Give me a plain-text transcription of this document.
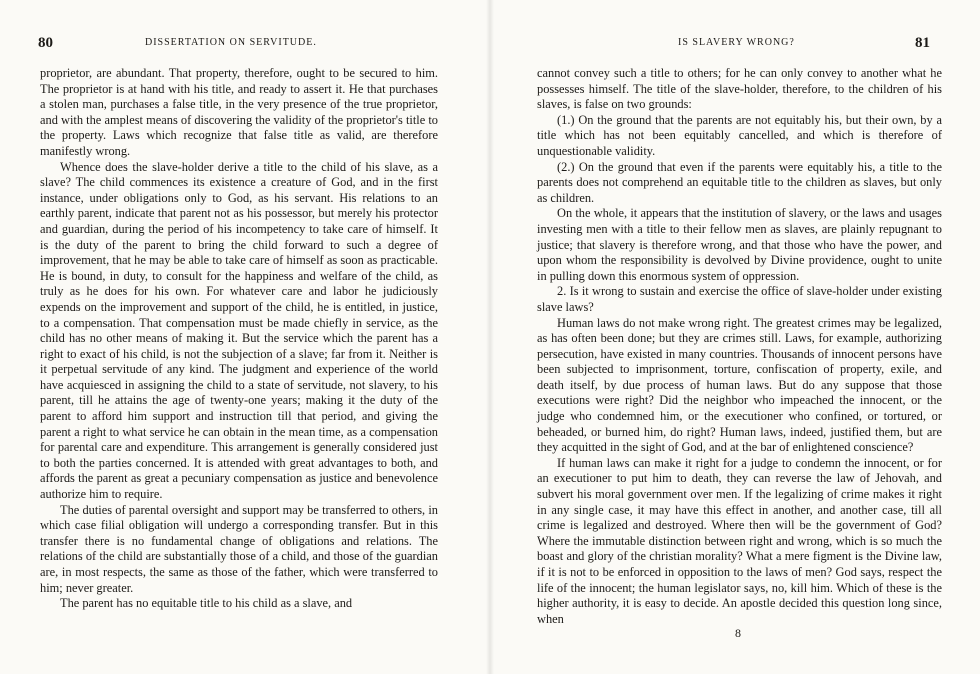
80	DISSERTATION ON SERVITUDE.

proprietor, are abundant. That property, therefore, ought to be secured to him. The proprietor is at hand with his title, and ready to assert it. He that purchases a stolen man, purchases a false title, in the very presence of the true proprietor, and with the amplest means of discovering the validity of the proprietor's title to the property. Laws which recognize that false title as valid, are therefore manifestly wrong.

Whence does the slave-holder derive a title to the child of his slave, as a slave? The child commences its existence a creature of God, and in the first instance, under obligations only to God, as his servant. His relations to an earthly parent, indicate that parent not as his possessor, but merely his protector and guardian, during the period of his incompetency to take care of himself. It is the duty of the parent to bring the child forward to such a degree of improvement, that he may be able to take care of himself as soon as practicable. He is bound, in duty, to consult for the happiness and welfare of the child, as truly as he does for his own. For whatever care and labor he judiciously expends on the improvement and support of the child, he is entitled, in justice, to a compensation. That compensation must be made chiefly in service, as the child has no other means of making it. But the service which the parent has a right to exact of his child, is not the subjection of a slave; far from it. Neither is it perpetual servitude of any kind. The judgment and experience of the world have acquiesced in assigning the child to a state of servitude, not slavery, to his parent, till he attains the age of twenty-one years; making it the duty of the parent to afford him support and instruction till that period, and giving the parent a right to what service he can obtain in the mean time, as a compensation for parental care and expenditure. This arrangement is generally considered just to both the parties concerned. It is attended with great advantages to both, and affords the parent as great a pecuniary compensation as justice and benevolence authorize him to require.

The duties of parental oversight and support may be transferred to others, in which case filial obligation will undergo a corresponding transfer. But in this transfer there is no fundamental change of obligations and relations. The relations of the child are substantially those of a child, and those of the guardian are, in most respects, the same as those of the father, which were transferred to him; never greater.

The parent has no equitable title to his child as a slave, and

IS SLAVERY WRONG?	81

cannot convey such a title to others; for he can only convey to another what he possesses himself. The title of the slave-holder, therefore, to the children of his slaves, is false on two grounds:

(1.) On the ground that the parents are not equitably his, but their own, by a title which has not been equitably cancelled, and which is therefore of unquestionable validity.

(2.) On the ground that even if the parents were equitably his, a title to the parents does not comprehend an equitable title to the children as slaves, but only as children.

On the whole, it appears that the institution of slavery, or the laws and usages investing men with a title to their fellow men as slaves, are plainly repugnant to justice; that slavery is therefore wrong, and that those who have the power, and upon whom the responsibility is devolved by Divine providence, ought to unite in pulling down this enormous system of oppression.

2. Is it wrong to sustain and exercise the office of slave-holder under existing slave laws?

Human laws do not make wrong right. The greatest crimes may be legalized, as has often been done; but they are crimes still. Laws, for example, authorizing persecution, have existed in many countries. Thousands of innocent persons have been subjected to imprisonment, torture, confiscation of property, exile, and death itself, by due process of human laws. But do any suppose that those executions were right? Did the neighbor who impeached the innocent, or the judge who condemned him, or the executioner who confined, or tortured, or beheaded, or burned him, do right? Human laws, indeed, justified them, but are they acquitted in the sight of God, and at the bar of enlightened conscience?

If human laws can make it right for a judge to condemn the innocent, or for an executioner to put him to death, they can reverse the law of Jehovah, and subvert his moral government over men. If the legalizing of crime makes it right in any single case, it may have this effect in another, and another case, till all crime is legalized and destroyed. Where then will be the government of God? Where the immutable distinction between right and wrong, which is so much the boast and glory of the christian morality? What a mere figment is the Divine law, if it is not to be enforced in opposition to the laws of men? God says, respect the life of the innocent; the human legislator says, no, kill him. Which of these is the higher authority, it is easy to decide. An apostle decided this question long since, when

8
